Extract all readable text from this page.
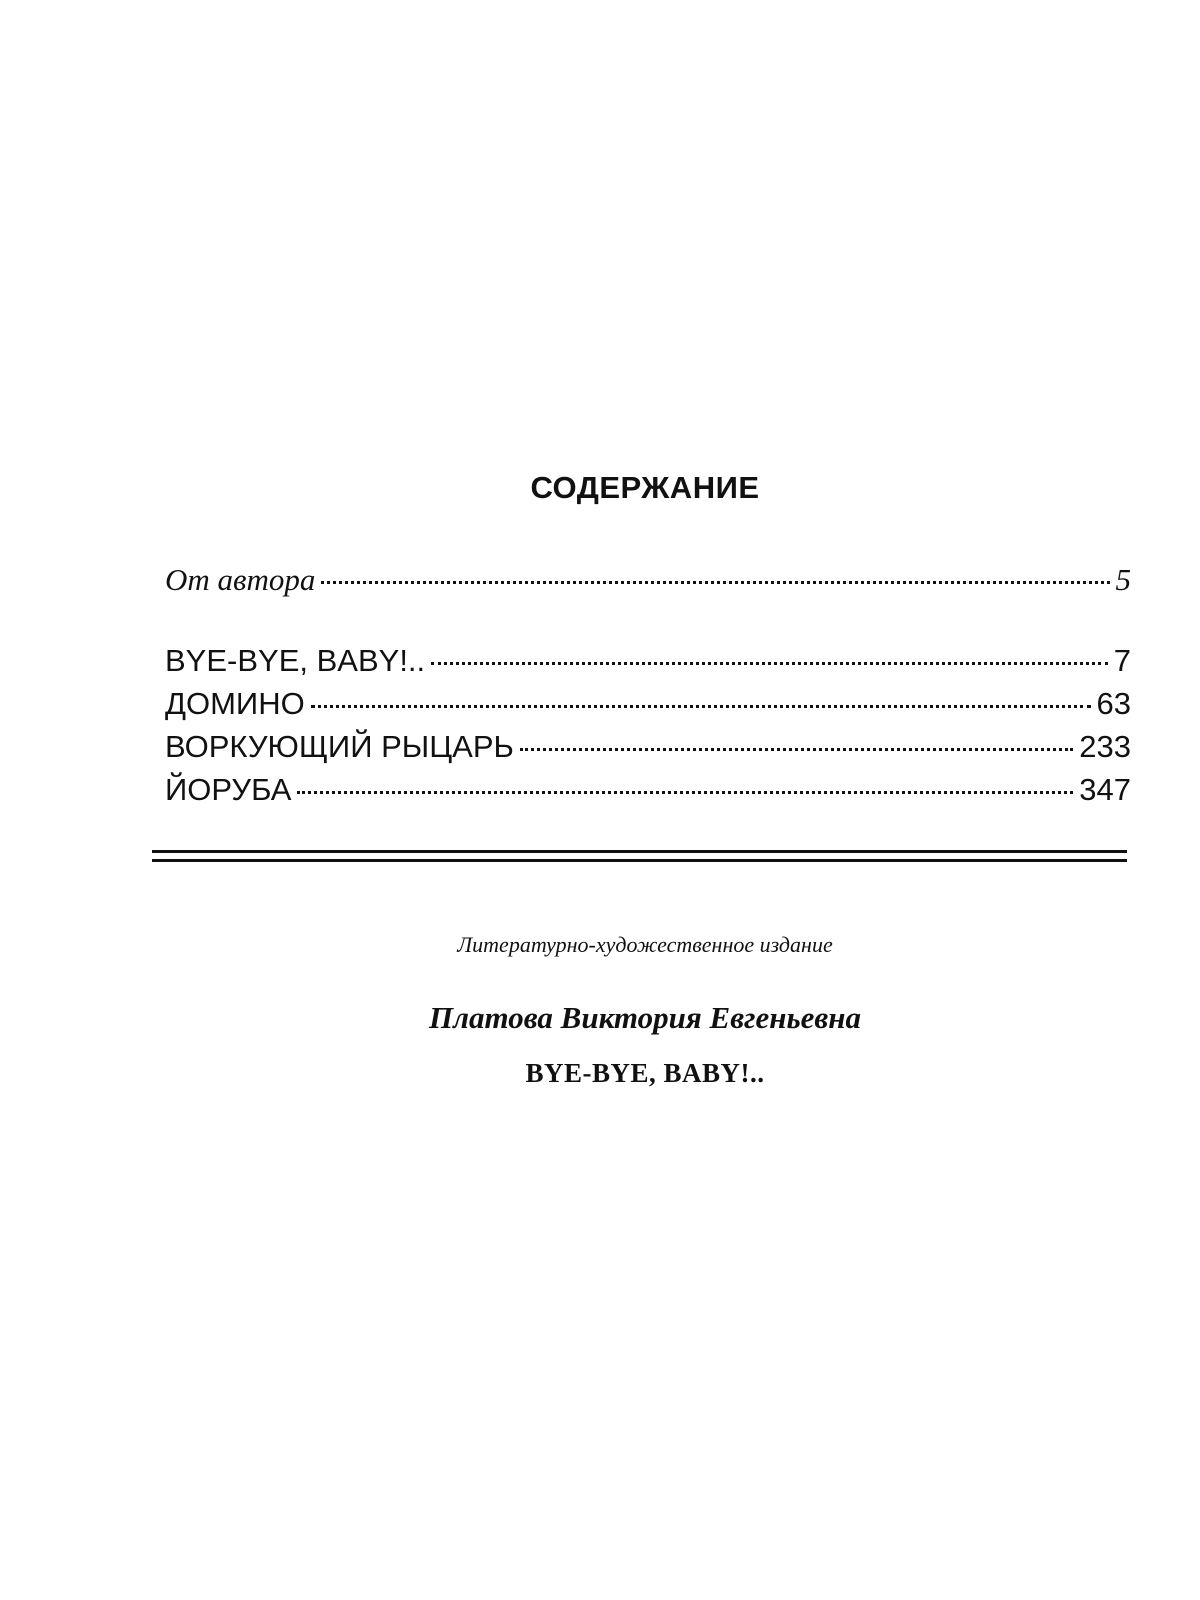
СОДЕРЖАНИЕ
От автора	5
BYE-BYE, BABY!..	7
ДОМИНО	63
ВОРКУЮЩИЙ РЫЦАРЬ	233
ЙОРУБА	347
Литературно-художественное издание
Платова Виктория Евгеньевна
BYE-BYE, BABY!..
